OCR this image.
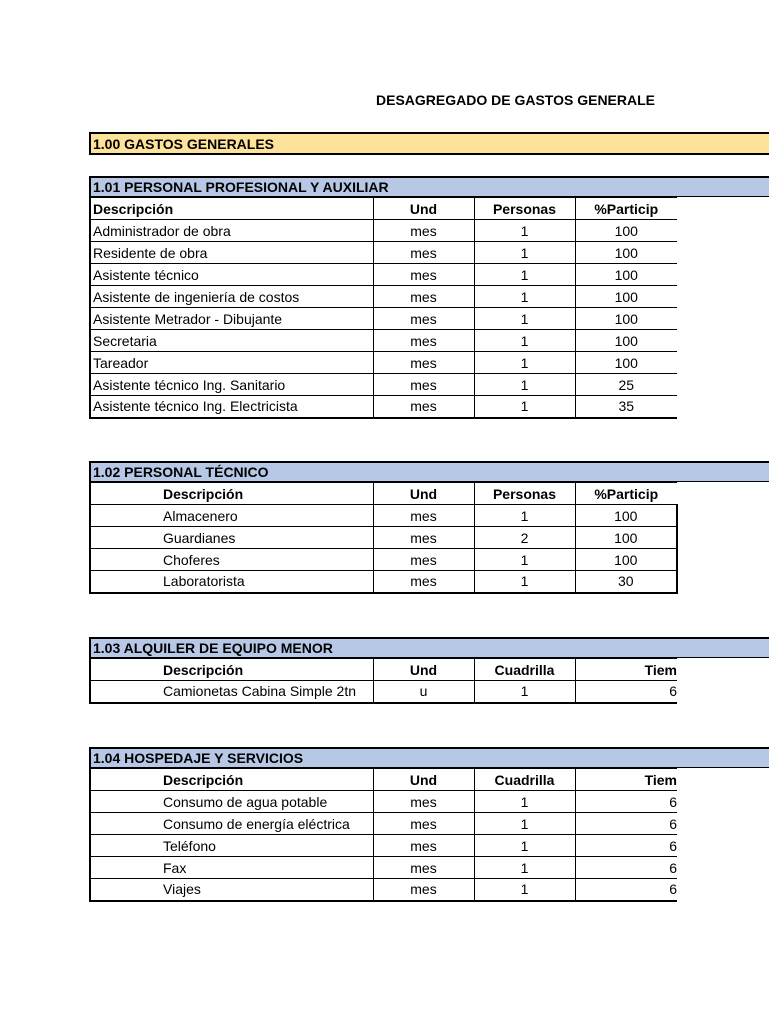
DESAGREGADO DE GASTOS GENERALE
1.00 GASTOS GENERALES
1.01 PERSONAL PROFESIONAL Y AUXILIAR
Descripción	Und	Personas	%Particip
Administrador de obra	mes	1	100
Residente de obra	mes	1	100
Asistente técnico	mes	1	100
Asistente de ingeniería de costos	mes	1	100
Asistente Metrador - Dibujante	mes	1	100
Secretaria	mes	1	100
Tareador	mes	1	100
Asistente técnico Ing. Sanitario	mes	1	25
Asistente técnico Ing. Electricista	mes	1	35
1.02 PERSONAL TÉCNICO
Descripción	Und	Personas	%Particip
Almacenero	mes	1	100
Guardianes	mes	2	100
Choferes	mes	1	100
Laboratorista	mes	1	30
1.03 ALQUILER DE EQUIPO MENOR
Descripción	Und	Cuadrilla	Tiem
Camionetas Cabina Simple 2tn	u	1	6
1.04 HOSPEDAJE Y SERVICIOS
Descripción	Und	Cuadrilla	Tiem
Consumo de agua potable	mes	1	6
Consumo de energía eléctrica	mes	1	6
Teléfono	mes	1	6
Fax	mes	1	6
Viajes	mes	1	6
